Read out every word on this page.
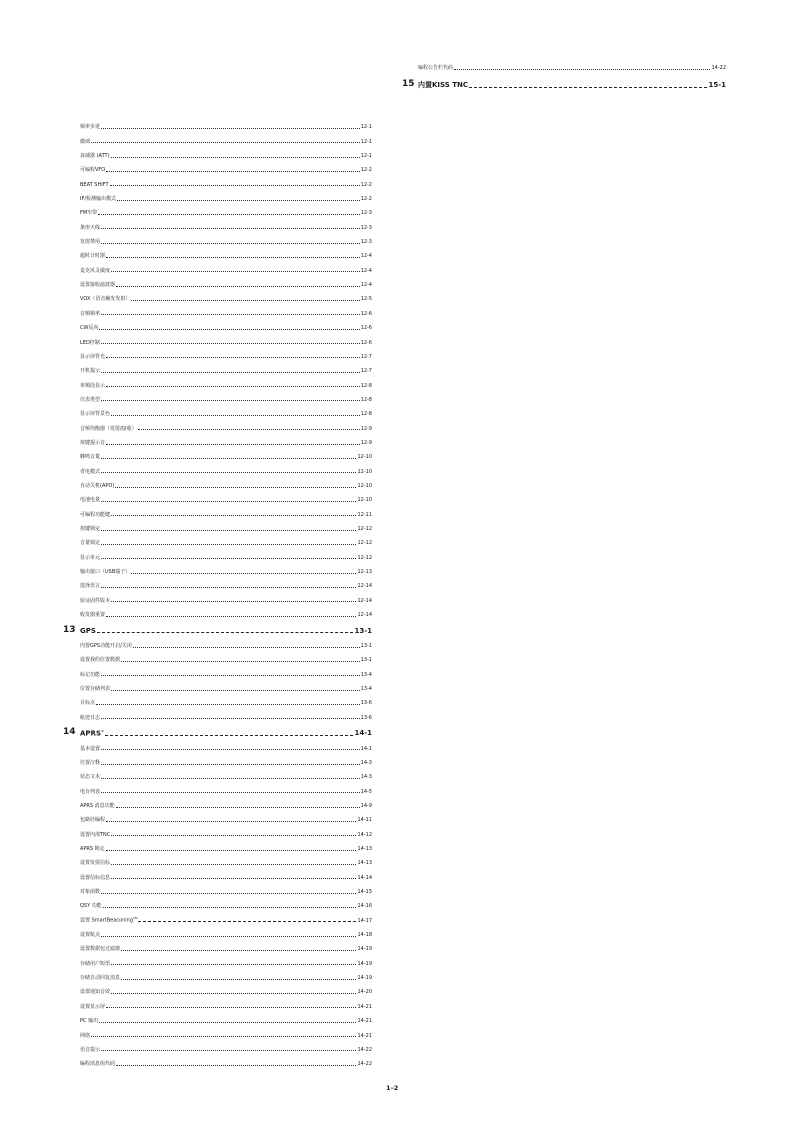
编程公告栏代码	14-22
15 内置KISS TNC	15-1
频率步进	12-1
微调	12-1
衰减器 (ATT)	12-1
可编程VFO	12-2
BEAT SHIFT	12-2
IF/检测输出模式	12-2
FM窄带	12-3
条形天线	12-3
发射禁用	12-3
超时计时器	12-4
麦克风灵敏度	12-4
设置接收滤波器	12-4
VOX（语音触发发射）	12-5
音频频率	12-6
CW反向	12-6
LED控制	12-6
显示屏背光	12-7
开机提示	12-7
单频段显示	12-8
仪表类型	12-8
显示屏背景色	12-8
音频均衡器（发射/接收）	12-9
按键提示音	12-9
蜂鸣音量	12-10
省电模式	12-10
自动关机(APO)	12-10
电池电量	12-10
可编程功能键	12-11
按键锁定	12-12
音量锁定	12-12
显示单元	12-12
输出接口（USB端子）	12-13
选择语言	12-14
验证固件版本	12-14
收发器重置	12-14
13 GPS	13-1
内置GPS功能开启/关闭	13-1
设置我的位置数据	13-1
标记功能	13-4
位置存储列表	13-4
目标点	13-6
航迹日志	13-6
14 APRS®	14-1
基本设置	14-1
位置注释	14-3
状态文本	14-3
电台列表	14-5
APRS 消息功能	14-9
包路径编程	14-11
设置内部TNC	14-12
APRS 锁定	14-13
设置发射信标	14-13
设置信标信息	14-14
对象函数	14-15
QSY 功能	14-16
设置 SmartBeaconing™	14-17
设置航点	14-18
设置数据包过滤器	14-19
存储用户短语	14-19
存储自动回复消息	14-19
设置通知音效	14-20
设置显示屏	14-21
PC 输出	14-21
网络	14-21
语音提示	14-22
编程消息组代码	14-22
1–2
